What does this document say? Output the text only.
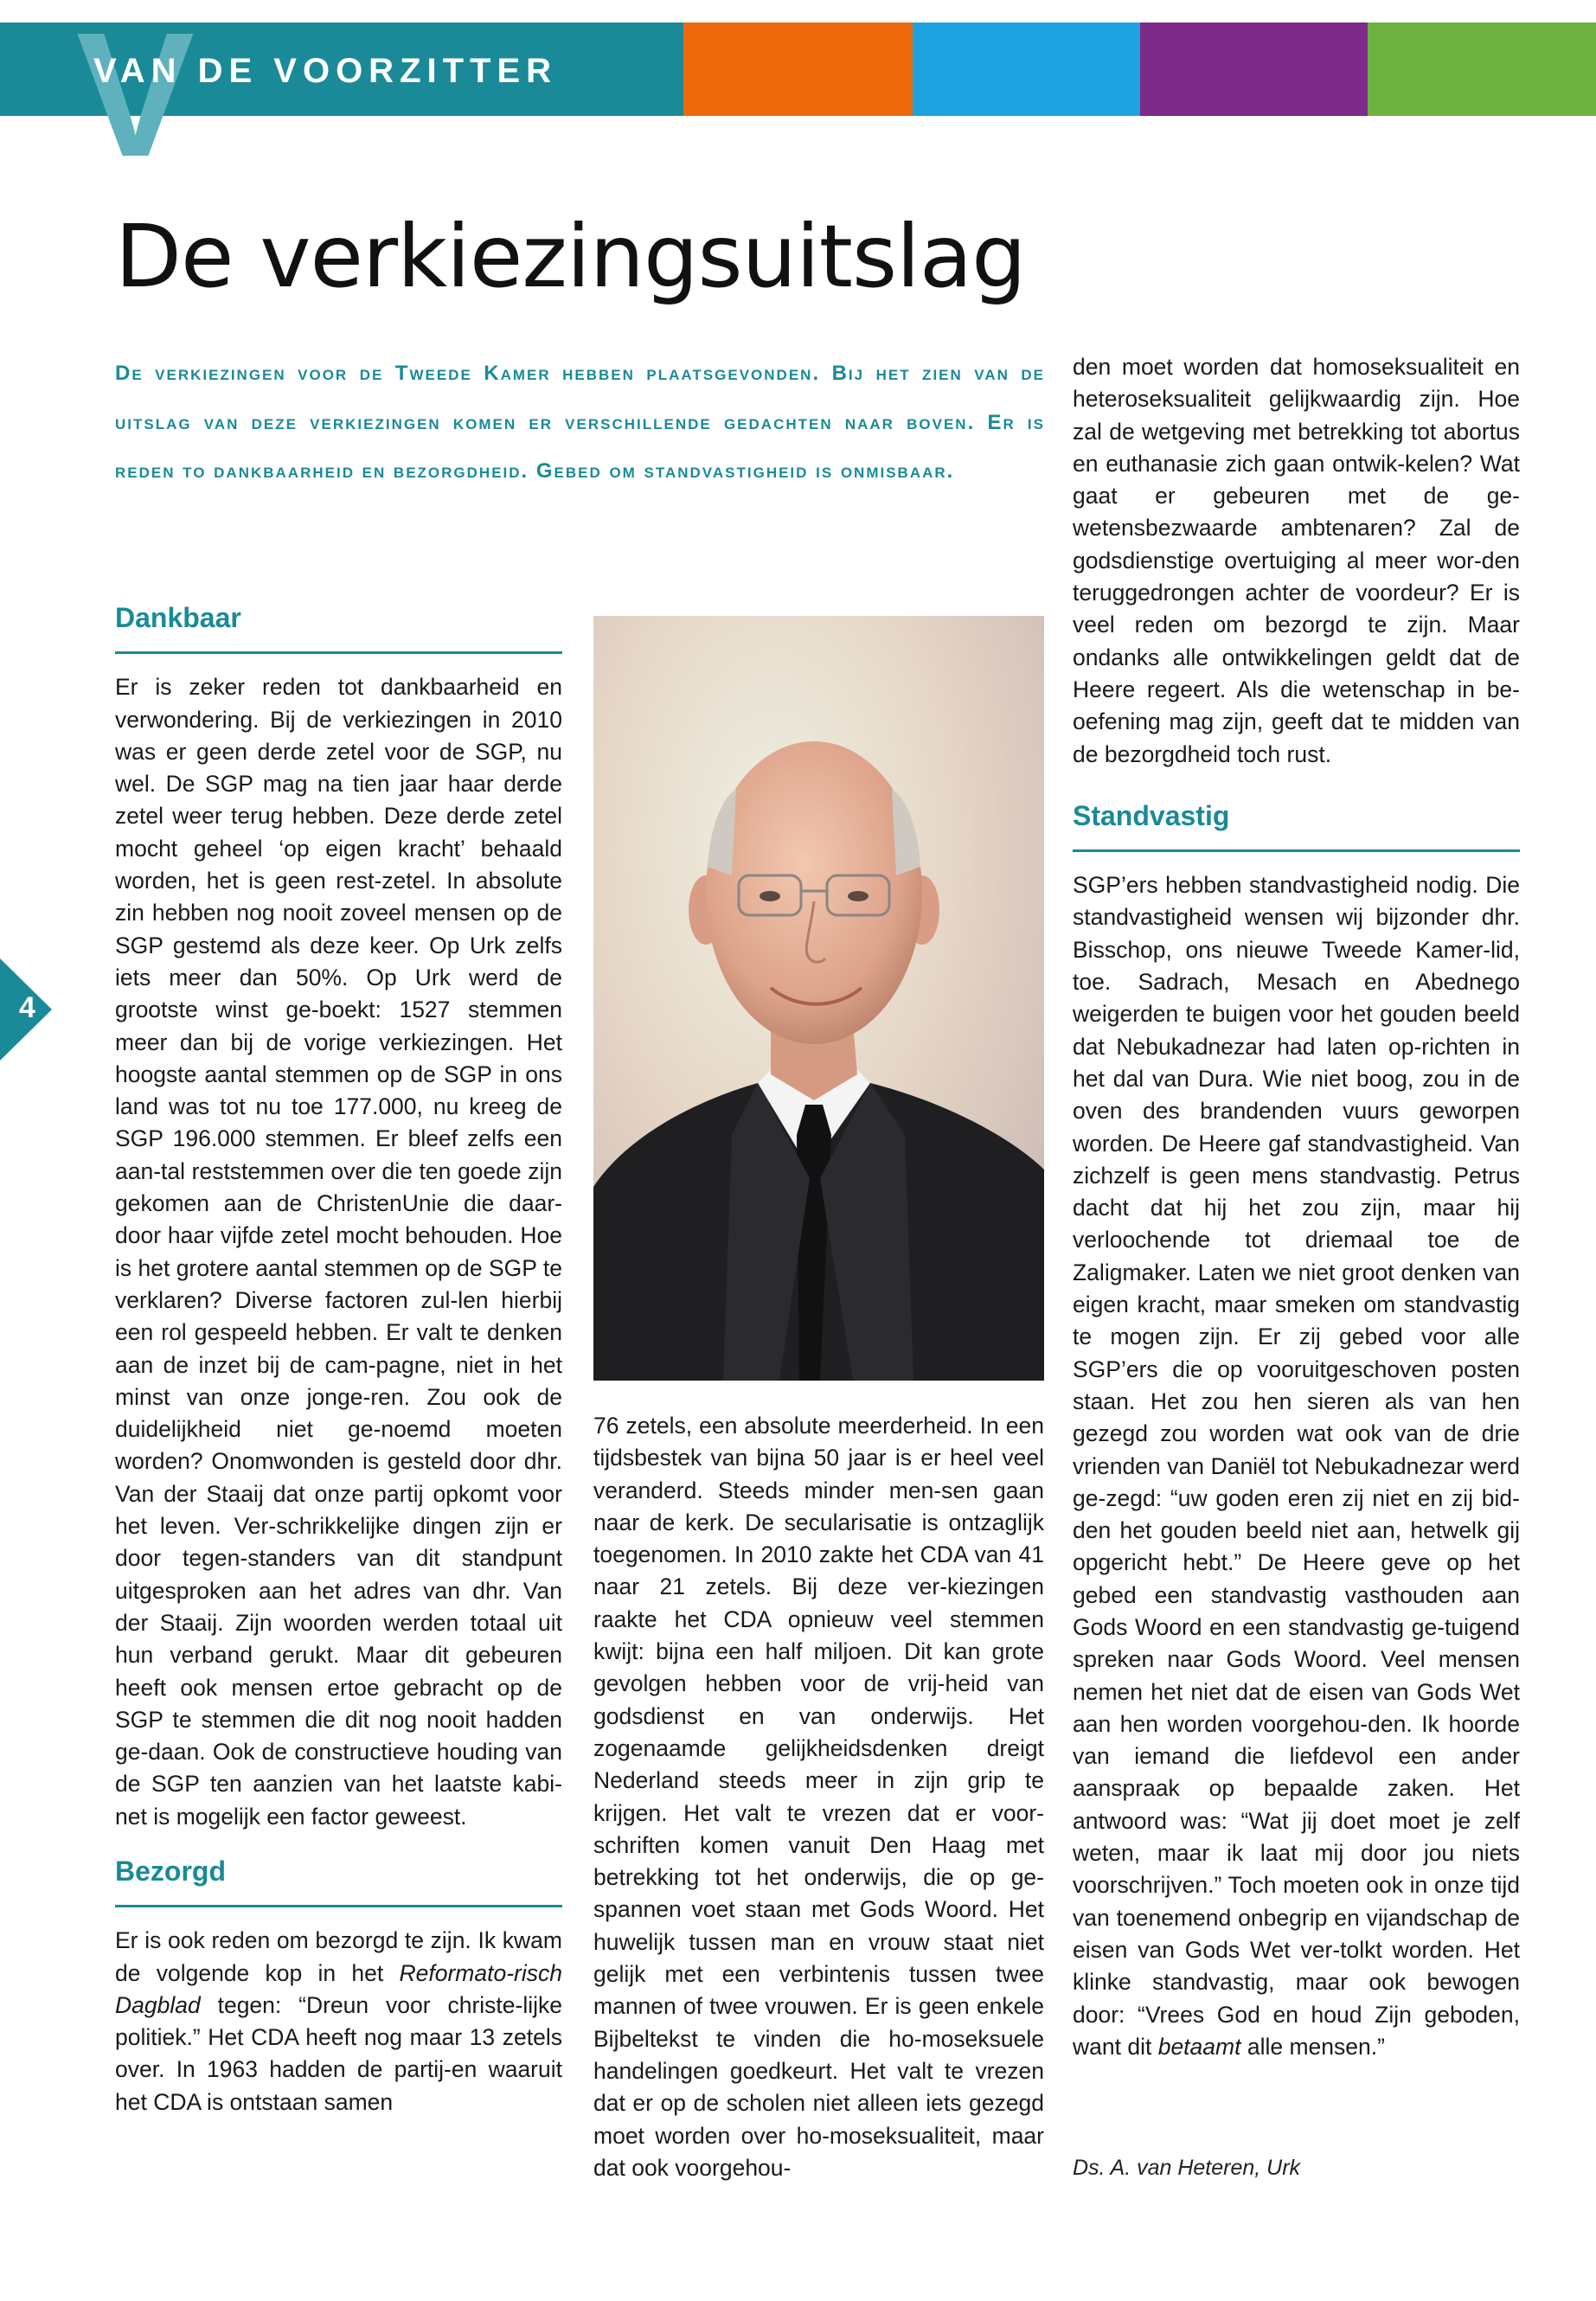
V
VAN DE VOORZITTER
4
De verkiezingsuitslag

De verkiezingen voor de Tweede Kamer hebben plaatsgevonden. Bij het zien van de uitslag van deze verkiezingen komen er verschillende gedachten naar boven. Er is reden to dankbaarheid en bezorgdheid. Gebed om standvastigheid is onmisbaar.

Dankbaar

Er is zeker reden tot dankbaarheid en verwondering. Bij de verkiezingen in 2010 was er geen derde zetel voor de SGP, nu wel. De SGP mag na tien jaar haar derde zetel weer terug hebben. Deze derde zetel mocht geheel ‘op eigen kracht’ behaald worden, het is geen rest-zetel. In absolute zin hebben nog nooit zoveel mensen op de SGP gestemd als deze keer. Op Urk zelfs iets meer dan 50%. Op Urk werd de grootste winst ge-boekt: 1527 stemmen meer dan bij de vorige verkiezingen. Het hoogste aantal stemmen op de SGP in ons land was tot nu toe 177.000, nu kreeg de SGP 196.000 stemmen. Er bleef zelfs een aan-tal reststemmen over die ten goede zijn gekomen aan de ChristenUnie die daar-door haar vijfde zetel mocht behouden. Hoe is het grotere aantal stemmen op de SGP te verklaren? Diverse factoren zul-len hierbij een rol gespeeld hebben. Er valt te denken aan de inzet bij de cam-pagne, niet in het minst van onze jonge-ren. Zou ook de duidelijkheid niet ge-noemd moeten worden? Onomwonden is gesteld door dhr. Van der Staaij dat onze partij opkomt voor het leven. Ver-schrikkelijke dingen zijn er door tegen-standers van dit standpunt uitgesproken aan het adres van dhr. Van der Staaij. Zijn woorden werden totaal uit hun verband gerukt. Maar dit gebeuren heeft ook mensen ertoe gebracht op de SGP te stemmen die dit nog nooit hadden ge-daan. Ook de constructieve houding van de SGP ten aanzien van het laatste kabi-net is mogelijk een factor geweest.

Bezorgd

Er is ook reden om bezorgd te zijn. Ik kwam de volgende kop in het Reformato-risch Dagblad tegen: “Dreun voor christe-lijke politiek.” Het CDA heeft nog maar 13 zetels over. In 1963 hadden de partij-en waaruit het CDA is ontstaan samen

76 zetels, een absolute meerderheid. In een tijdsbestek van bijna 50 jaar is er heel veel veranderd. Steeds minder men-sen gaan naar de kerk. De secularisatie is ontzaglijk toegenomen. In 2010 zakte het CDA van 41 naar 21 zetels. Bij deze ver-kiezingen raakte het CDA opnieuw veel stemmen kwijt: bijna een half miljoen. Dit kan grote gevolgen hebben voor de vrij-heid van godsdienst en van onderwijs. Het zogenaamde gelijkheidsdenken dreigt Nederland steeds meer in zijn grip te krijgen. Het valt te vrezen dat er voor-schriften komen vanuit Den Haag met betrekking tot het onderwijs, die op ge-spannen voet staan met Gods Woord. Het huwelijk tussen man en vrouw staat niet gelijk met een verbintenis tussen twee mannen of twee vrouwen. Er is geen enkele Bijbeltekst te vinden die ho-moseksuele handelingen goedkeurt. Het valt te vrezen dat er op de scholen niet alleen iets gezegd moet worden over ho-moseksualiteit, maar dat ook voorgehou-

den moet worden dat homoseksualiteit en heteroseksualiteit gelijkwaardig zijn. Hoe zal de wetgeving met betrekking tot abortus en euthanasie zich gaan ontwik-kelen? Wat gaat er gebeuren met de ge-wetensbezwaarde ambtenaren? Zal de godsdienstige overtuiging al meer wor-den teruggedrongen achter de voordeur? Er is veel reden om bezorgd te zijn. Maar ondanks alle ontwikkelingen geldt dat de Heere regeert. Als die wetenschap in be-oefening mag zijn, geeft dat te midden van de bezorgdheid toch rust.

Standvastig

SGP’ers hebben standvastigheid nodig. Die standvastigheid wensen wij bijzonder dhr. Bisschop, ons nieuwe Tweede Kamer-lid, toe. Sadrach, Mesach en Abednego weigerden te buigen voor het gouden beeld dat Nebukadnezar had laten op-richten in het dal van Dura. Wie niet boog, zou in de oven des brandenden vuurs geworpen worden. De Heere gaf standvastigheid. Van zichzelf is geen mens standvastig. Petrus dacht dat hij het zou zijn, maar hij verloochende tot driemaal toe de Zaligmaker. Laten we niet groot denken van eigen kracht, maar smeken om standvastig te mogen zijn. Er zij gebed voor alle SGP’ers die op vooruitgeschoven posten staan. Het zou hen sieren als van hen gezegd zou worden wat ook van de drie vrienden van Daniël tot Nebukadnezar werd ge-zegd: “uw goden eren zij niet en zij bid-den het gouden beeld niet aan, hetwelk gij opgericht hebt.” De Heere geve op het gebed een standvastig vasthouden aan Gods Woord en een standvastig ge-tuigend spreken naar Gods Woord. Veel mensen nemen het niet dat de eisen van Gods Wet aan hen worden voorgehou-den. Ik hoorde van iemand die liefdevol een ander aanspraak op bepaalde zaken. Het antwoord was: “Wat jij doet moet je zelf weten, maar ik laat mij door jou niets voorschrijven.” Toch moeten ook in onze tijd van toenemend onbegrip en vijandschap de eisen van Gods Wet ver-tolkt worden. Het klinke standvastig, maar ook bewogen door: “Vrees God en houd Zijn geboden, want dit betaamt alle mensen.”

Ds. A. van Heteren, Urk
